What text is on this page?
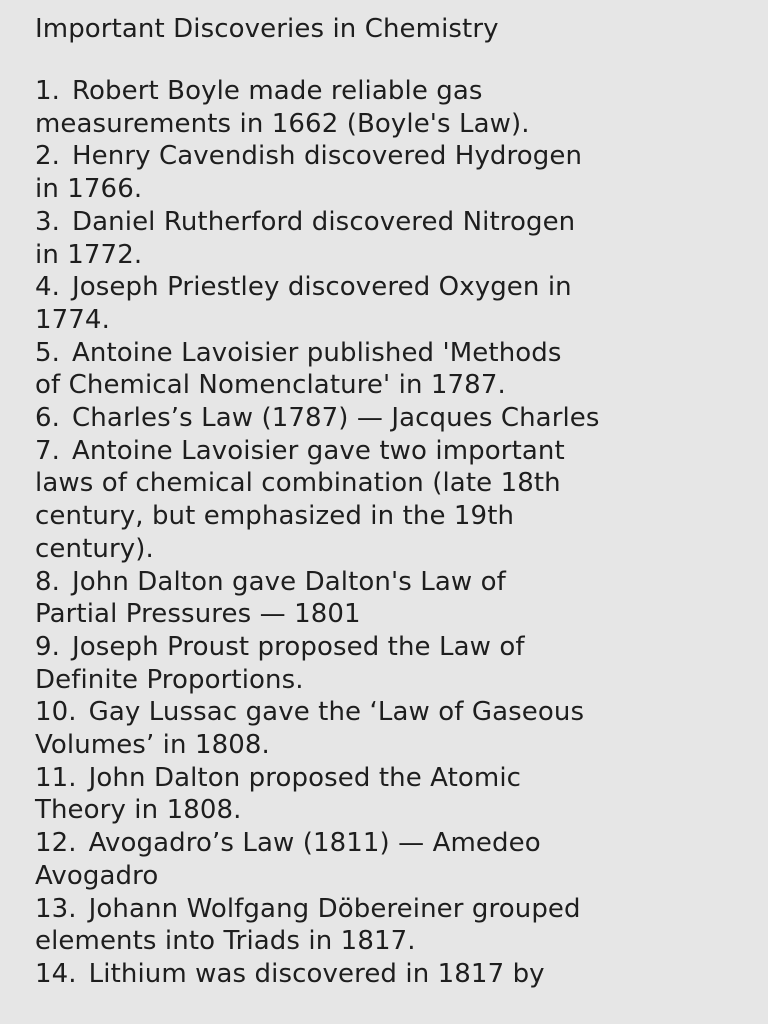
Important Discoveries in Chemistry
1. Robert Boyle made reliable gas
measurements in 1662 (Boyle's Law).
2. Henry Cavendish discovered Hydrogen
in 1766.
3. Daniel Rutherford discovered Nitrogen
in 1772.
4. Joseph Priestley discovered Oxygen in
1774.
5. Antoine Lavoisier published 'Methods
of Chemical Nomenclature' in 1787.
6. Charles’s Law (1787) — Jacques Charles
7. Antoine Lavoisier gave two important
laws of chemical combination (late 18th
century, but emphasized in the 19th
century).
8. John Dalton gave Dalton's Law of
Partial Pressures — 1801
9. Joseph Proust proposed the Law of
Definite Proportions.
10. Gay Lussac gave the ‘Law of Gaseous
Volumes’ in 1808.
11. John Dalton proposed the Atomic
Theory in 1808.
12. Avogadro’s Law (1811) — Amedeo
Avogadro
13. Johann Wolfgang Döbereiner grouped
elements into Triads in 1817.
14. Lithium was discovered in 1817 by
